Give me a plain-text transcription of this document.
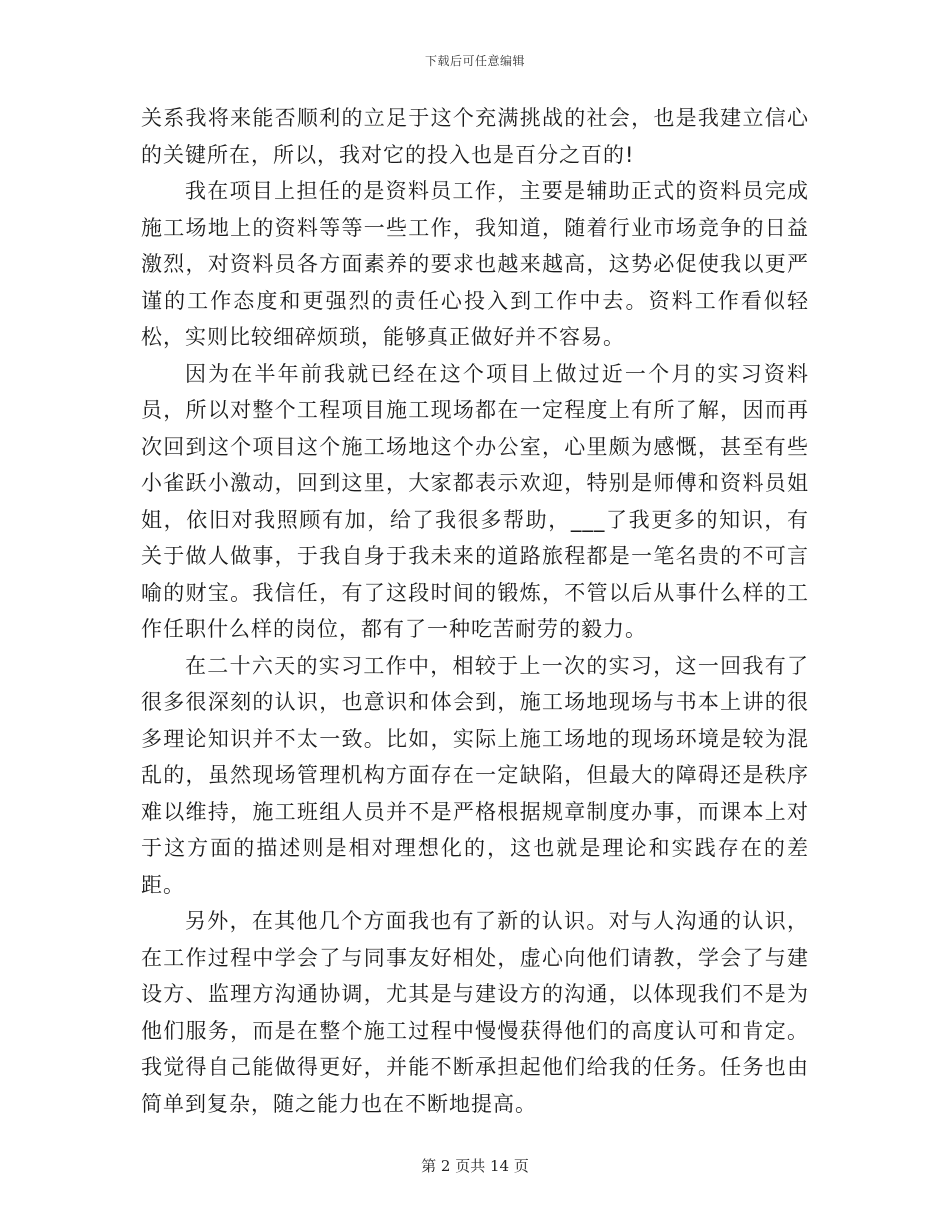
下载后可任意编辑

关系我将来能否顺利的立足于这个充满挑战的社会，也是我建立信心的关键所在，所以，我对它的投入也是百分之百的!

我在项目上担任的是资料员工作，主要是辅助正式的资料员完成施工场地上的资料等等一些工作，我知道，随着行业市场竞争的日益激烈，对资料员各方面素养的要求也越来越高，这势必促使我以更严谨的工作态度和更强烈的责任心投入到工作中去。资料工作看似轻松，实则比较细碎烦琐，能够真正做好并不容易。

因为在半年前我就已经在这个项目上做过近一个月的实习资料员，所以对整个工程项目施工现场都在一定程度上有所了解，因而再次回到这个项目这个施工场地这个办公室，心里颇为感慨，甚至有些小雀跃小激动，回到这里，大家都表示欢迎，特别是师傅和资料员姐姐，依旧对我照顾有加，给了我很多帮助，___了我更多的知识，有关于做人做事，于我自身于我未来的道路旅程都是一笔名贵的不可言喻的财宝。我信任，有了这段时间的锻炼，不管以后从事什么样的工作任职什么样的岗位，都有了一种吃苦耐劳的毅力。

在二十六天的实习工作中，相较于上一次的实习，这一回我有了很多很深刻的认识，也意识和体会到，施工场地现场与书本上讲的很多理论知识并不太一致。比如，实际上施工场地的现场环境是较为混乱的，虽然现场管理机构方面存在一定缺陷，但最大的障碍还是秩序难以维持，施工班组人员并不是严格根据规章制度办事，而课本上对于这方面的描述则是相对理想化的，这也就是理论和实践存在的差距。

另外，在其他几个方面我也有了新的认识。对与人沟通的认识，在工作过程中学会了与同事友好相处，虚心向他们请教，学会了与建设方、监理方沟通协调，尤其是与建设方的沟通，以体现我们不是为他们服务，而是在整个施工过程中慢慢获得他们的高度认可和肯定。我觉得自己能做得更好，并能不断承担起他们给我的任务。任务也由简单到复杂，随之能力也在不断地提高。

第 2 页共 14 页
